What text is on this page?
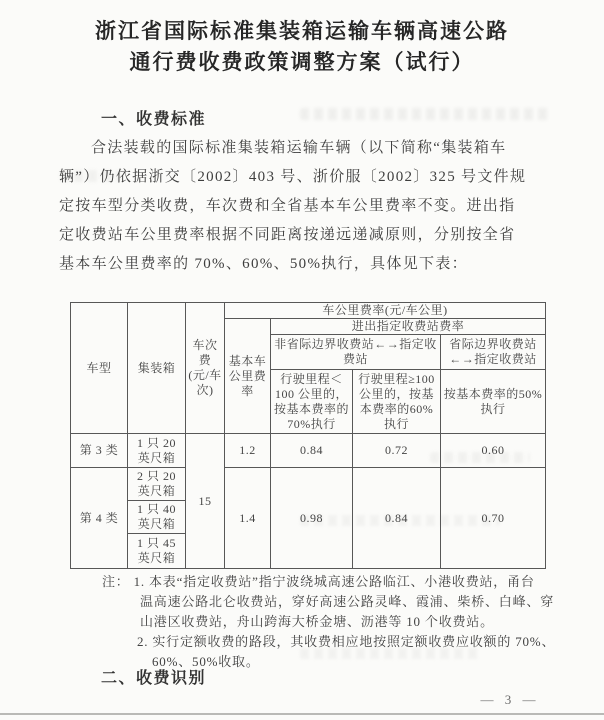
浙江省国际标准集装箱运输车辆高速公路
通行费收费政策调整方案（试行）
一、收费标准
合法装载的国际标准集装箱运输车辆（以下简称“集装箱车
辆”）仍依据浙交〔2002〕403 号、浙价服〔2002〕325 号文件规
定按车型分类收费，车次费和全省基本车公里费率不变。进出指
定收费站车公里费率根据不同距离按递远递减原则，分别按全省
基本车公里费率的 70%、60%、50%执行，具体见下表：
车型	集装箱	车次费 (元/车次)	车公里费率(元/车公里)			
			基本车公里费率	进出指定收费站费率		
				非省际边界收费站←→指定收费站		省际边界收费站←→指定收费站
				行驶里程＜100 公里的，按基本费率的70%执行	行驶里程≥100 公里的，按基本费率的60%执行	按基本费率的50%执行
第 3 类	1 只 20 英尺箱	15	1.2	0.84	0.72	0.60
第 4 类	2 只 20 英尺箱		1.4	0.98	0.84	0.70
	1 只 40 英尺箱					
	1 只 45 英尺箱					
注： 1. 本表“指定收费站”指宁波绕城高速公路临江、小港收费站，甬台
温高速公路北仑收费站，穿好高速公路灵峰、霞浦、柴桥、白峰、穿
山港区收费站，舟山跨海大桥金塘、沥港等 10 个收费站。
2. 实行定额收费的路段，其收费相应地按照定额收费应收额的 70%、
60%、50%收取。
二、收费识别
— 3 —
